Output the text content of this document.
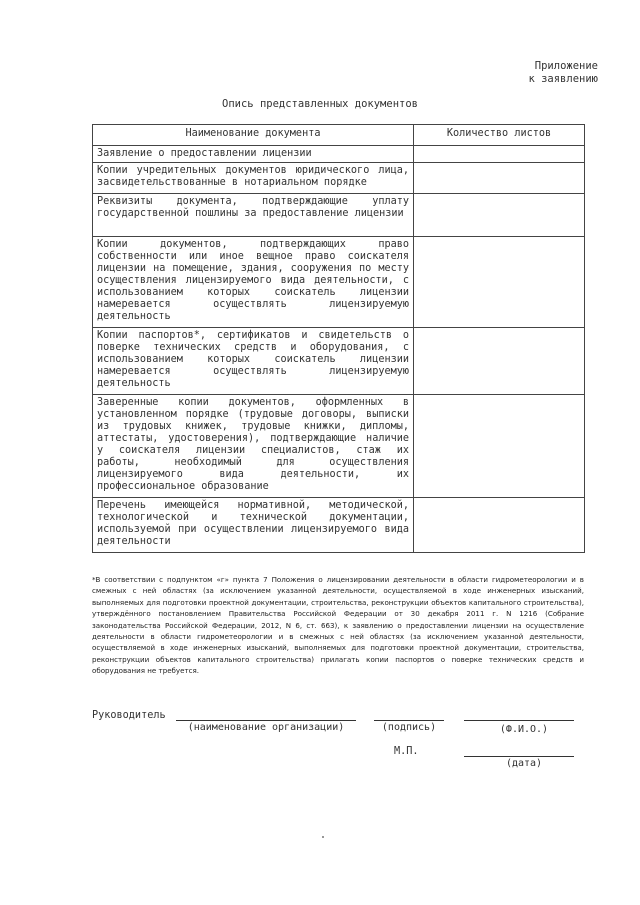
Приложение
к заявлению
Опись представленных документов
Наименование документа	Количество листов
Заявление о предоставлении лицензии	
Копии учредительных документов юридического лица, засвидетельствованные в нотариальном порядке	
Реквизиты документа, подтверждающие уплату государственной пошлины за предоставление лицензии	
Копии документов, подтверждающих право собственности или иное вещное право соискателя лицензии на помещение, здания, сооружения по месту осуществления лицензируемого вида деятельности, с использованием которых соискатель лицензии намеревается осуществлять лицензируемую деятельность	
Копии паспортов*, сертификатов и свидетельств о поверке технических средств и оборудования, с использованием которых соискатель лицензии намеревается осуществлять лицензируемую деятельность	
Заверенные копии документов, оформленных в установленном порядке (трудовые договоры, выписки из трудовых книжек, трудовые книжки, дипломы, аттестаты, удостоверения), подтверждающие наличие у соискателя лицензии специалистов, стаж их работы, необходимый для осуществления лицензируемого вида деятельности, их профессиональное образование	
Перечень имеющейся нормативной, методической, технологической и технической документации, используемой при осуществлении лицензируемого вида деятельности	
*В соответствии с подпунктом «г» пункта 7 Положения о лицензировании деятельности в области гидрометеорологии и в смежных с ней областях (за исключением указанной деятельности, осуществляемой в ходе инженерных изысканий, выполняемых для подготовки проектной документации, строительства, реконструкции объектов капитального строительства), утверждённого постановлением Правительства Российской Федерации от 30 декабря 2011 г. N 1216 (Собрание законодательства Российской Федерации, 2012, N 6, ст. 663), к заявлению о предоставлении лицензии на осуществление деятельности в области гидрометеорологии и в смежных с ней областях (за исключением указанной деятельности, осуществляемой в ходе инженерных изысканий, выполняемых для подготовки проектной документации, строительства, реконструкции объектов капитального строительства) прилагать копии паспортов о поверке технических средств и оборудования не требуется.
Руководитель
(наименование организации)	(подпись)	(Ф.И.О.)
М.П.
(дата)
